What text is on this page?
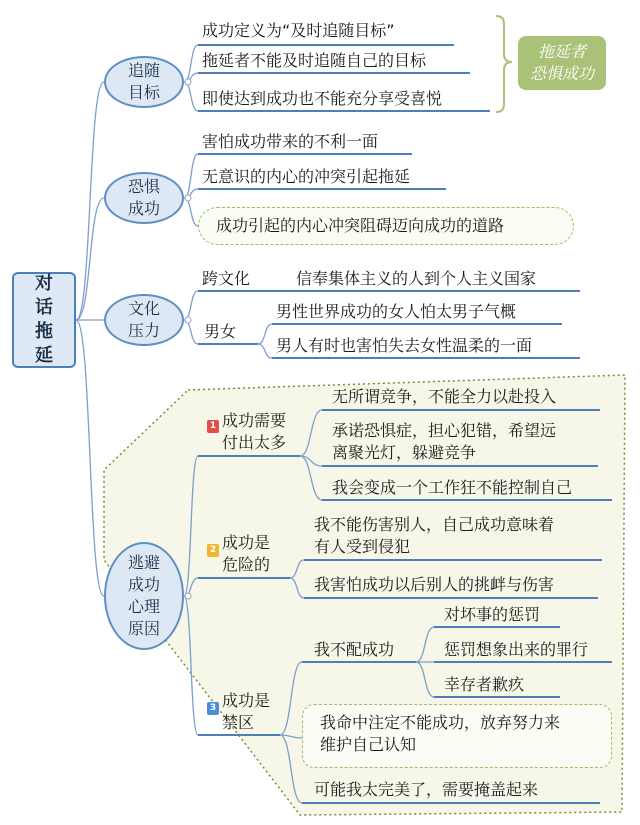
对话拖延
追随
目标
恐惧
成功
文化
压力
逃避
成功
心理
原因
成功定义为“及时追随目标”
拖延者不能及时追随自己的目标
即使达到成功也不能充分享受喜悦
拖延者
恐惧成功
害怕成功带来的不利一面
无意识的内心的冲突引起拖延
成功引起的内心冲突阻碍迈向成功的道路
跨文化	信奉集体主义的人到个人主义国家
男女
男性世界成功的女人怕太男子气概
男人有时也害怕失去女性温柔的一面
1 成功需要
付出太多
无所谓竞争，不能全力以赴投入
承诺恐惧症，担心犯错，希望远
离聚光灯，躲避竞争
我会变成一个工作狂不能控制自己
2 成功是
危险的
我不能伤害别人，自己成功意味着
有人受到侵犯
我害怕成功以后别人的挑衅与伤害
3 成功是
禁区
我不配成功
对坏事的惩罚
惩罚想象出来的罪行
幸存者歉疚
我命中注定不能成功，放弃努力来
维护自己认知
可能我太完美了，需要掩盖起来
